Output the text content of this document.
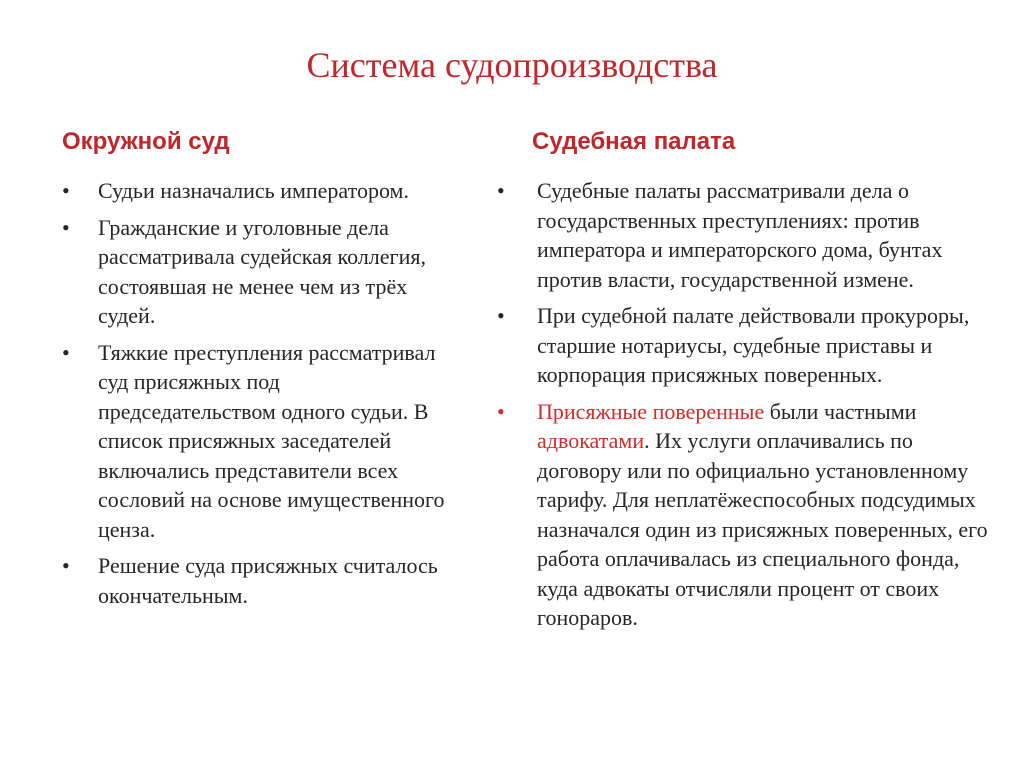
Система судопроизводства
Окружной суд
• Судьи назначались императором.
• Гражданские и уголовные дела рассматривала судейская коллегия, состоявшая не менее чем из трёх судей.
• Тяжкие преступления рассматривал суд присяжных под председательством одного судьи. В список присяжных заседателей включались представители всех сословий на основе имущественного ценза.
• Решение суда присяжных считалось окончательным.
Судебная палата
• Судебные палаты рассматривали дела о государственных преступлениях: против императора и императорского дома, бунтах против власти, государственной измене.
• При судебной палате действовали прокуроры, старшие нотариусы, судебные приставы и корпорация присяжных поверенных.
• Присяжные поверенные были частными адвокатами. Их услуги оплачивались по договору или по официально установленному тарифу. Для неплатёжеспособных подсудимых назначался один из присяжных поверенных, его работа оплачивалась из специального фонда, куда адвокаты отчисляли процент от своих гонораров.
